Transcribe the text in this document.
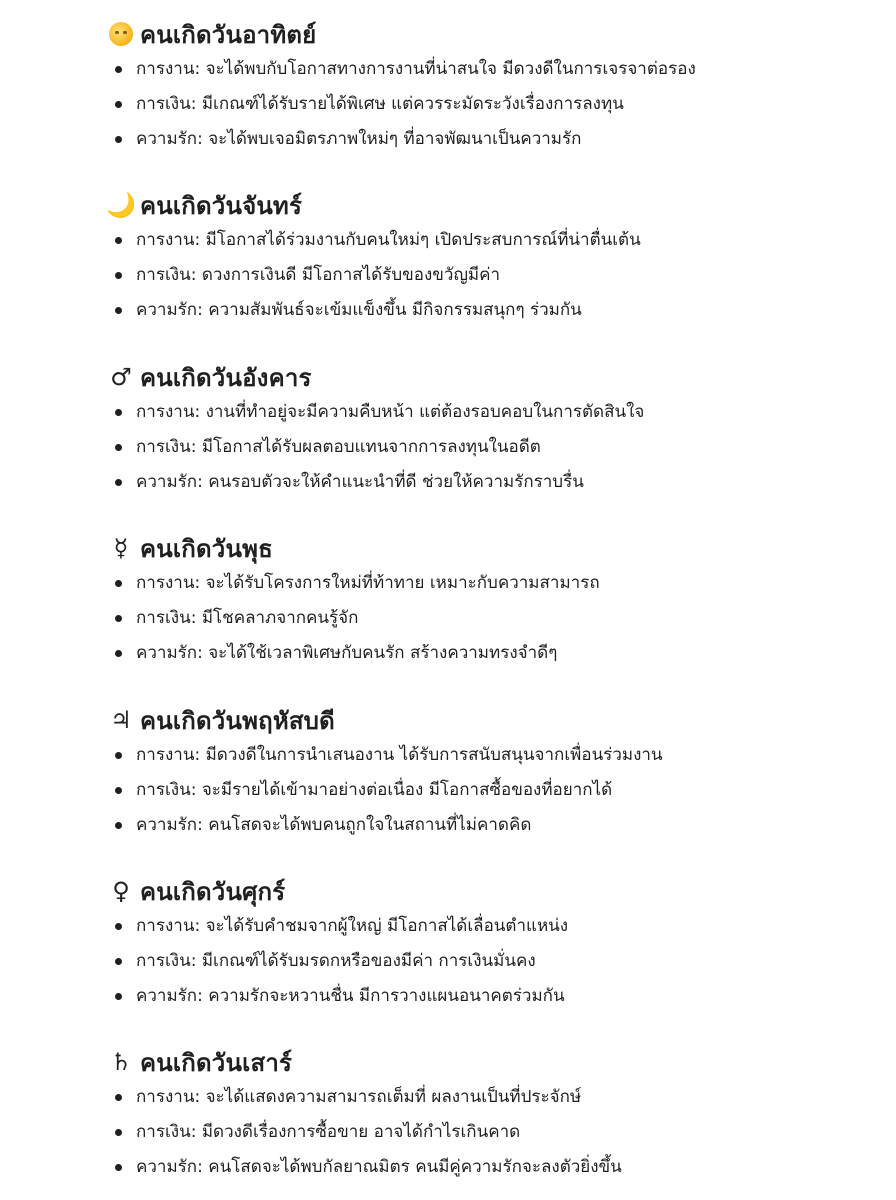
คนเกิดวันอาทิตย์
การงาน: จะได้พบกับโอกาสทางการงานที่น่าสนใจ มีดวงดีในการเจรจาต่อรอง
การเงิน: มีเกณฑ์ได้รับรายได้พิเศษ แต่ควรระมัดระวังเรื่องการลงทุน
ความรัก: จะได้พบเจอมิตรภาพใหม่ๆ ที่อาจพัฒนาเป็นความรัก
🌙 คนเกิดวันจันทร์
การงาน: มีโอกาสได้ร่วมงานกับคนใหม่ๆ เปิดประสบการณ์ที่น่าตื่นเต้น
การเงิน: ดวงการเงินดี มีโอกาสได้รับของขวัญมีค่า
ความรัก: ความสัมพันธ์จะเข้มแข็งขึ้น มีกิจกรรมสนุกๆ ร่วมกัน
♂ คนเกิดวันอังคาร
การงาน: งานที่ทำอยู่จะมีความคืบหน้า แต่ต้องรอบคอบในการตัดสินใจ
การเงิน: มีโอกาสได้รับผลตอบแทนจากการลงทุนในอดีต
ความรัก: คนรอบตัวจะให้คำแนะนำที่ดี ช่วยให้ความรักราบรื่น
☿ คนเกิดวันพุธ
การงาน: จะได้รับโครงการใหม่ที่ท้าทาย เหมาะกับความสามารถ
การเงิน: มีโชคลาภจากคนรู้จัก
ความรัก: จะได้ใช้เวลาพิเศษกับคนรัก สร้างความทรงจำดีๆ
♃ คนเกิดวันพฤหัสบดี
การงาน: มีดวงดีในการนำเสนองาน ได้รับการสนับสนุนจากเพื่อนร่วมงาน
การเงิน: จะมีรายได้เข้ามาอย่างต่อเนื่อง มีโอกาสซื้อของที่อยากได้
ความรัก: คนโสดจะได้พบคนถูกใจในสถานที่ไม่คาดคิด
♀ คนเกิดวันศุกร์
การงาน: จะได้รับคำชมจากผู้ใหญ่ มีโอกาสได้เลื่อนตำแหน่ง
การเงิน: มีเกณฑ์ได้รับมรดกหรือของมีค่า การเงินมั่นคง
ความรัก: ความรักจะหวานชื่น มีการวางแผนอนาคตร่วมกัน
♄ คนเกิดวันเสาร์
การงาน: จะได้แสดงความสามารถเต็มที่ ผลงานเป็นที่ประจักษ์
การเงิน: มีดวงดีเรื่องการซื้อขาย อาจได้กำไรเกินคาด
ความรัก: คนโสดจะได้พบกัลยาณมิตร คนมีคู่ความรักจะลงตัวยิ่งขึ้น
